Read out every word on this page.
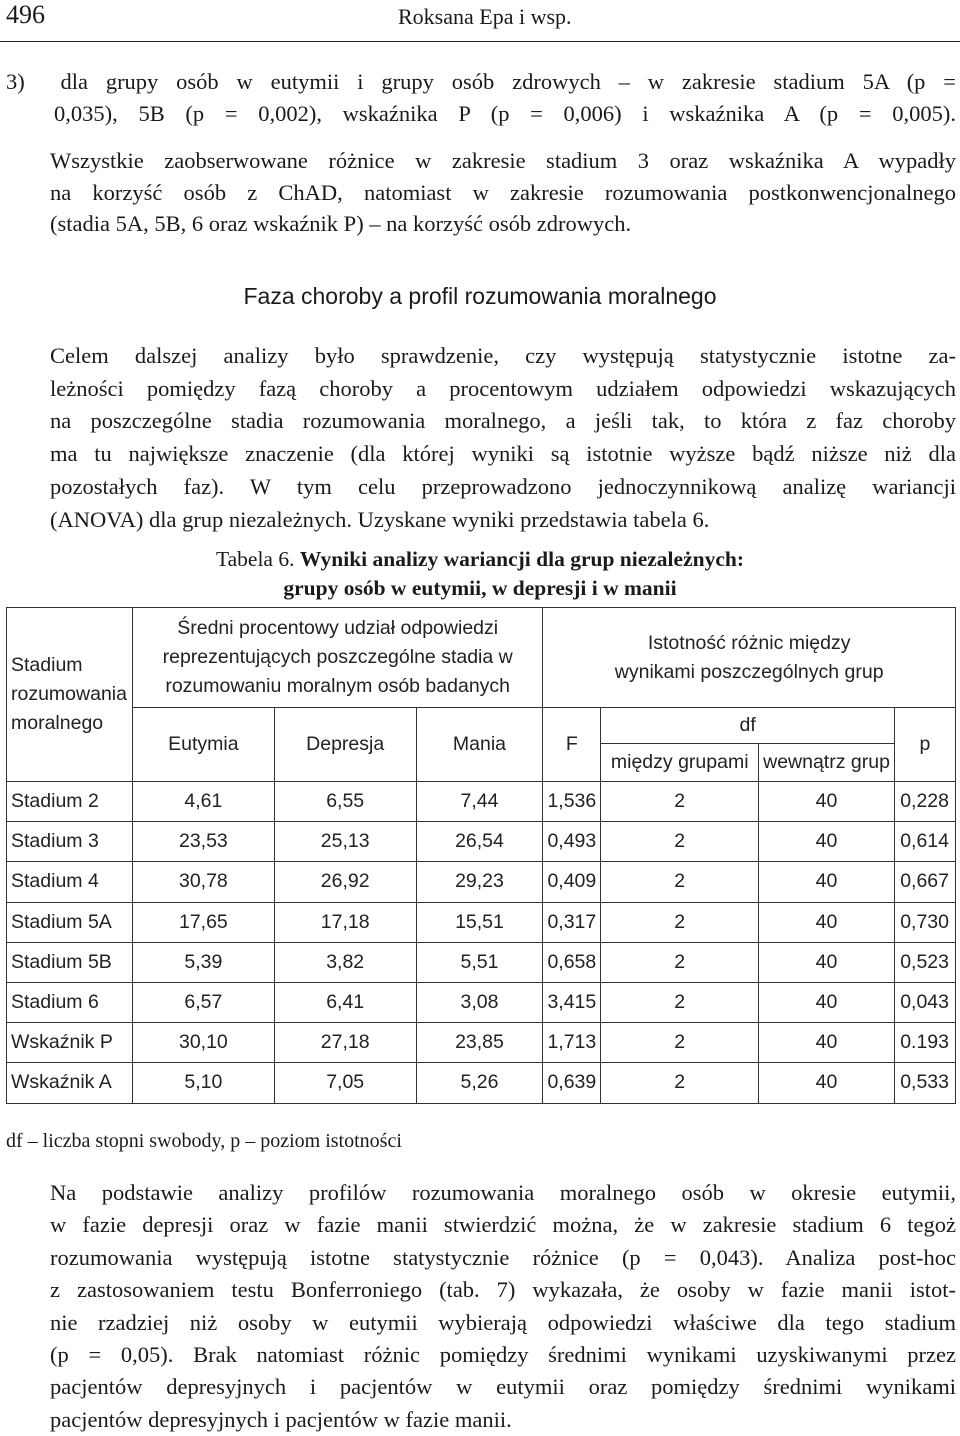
496	Roksana Epa i wsp.
3)  dla grupy osób w eutymii i grupy osób zdrowych – w zakresie stadium 5A (p =
0,035), 5B (p = 0,002), wskaźnika P (p = 0,006) i wskaźnika A (p = 0,005).
Wszystkie zaobserwowane różnice w zakresie stadium 3 oraz wskaźnika A wypadły
na korzyść osób z ChAD, natomiast w zakresie rozumowania postkonwencjonalnego
(stadia 5A, 5B, 6 oraz wskaźnik P) – na korzyść osób zdrowych.
Faza choroby a profil rozumowania moralnego
Celem dalszej analizy było sprawdzenie, czy występują statystycznie istotne za-
leżności pomiędzy fazą choroby a procentowym udziałem odpowiedzi wskazujących
na poszczególne stadia rozumowania moralnego, a jeśli tak, to która z faz choroby
ma tu największe znaczenie (dla której wyniki są istotnie wyższe bądź niższe niż dla
pozostałych faz). W tym celu przeprowadzono jednoczynnikową analizę wariancji
(ANOVA) dla grup niezależnych. Uzyskane wyniki przedstawia tabela 6.
Tabela 6. Wyniki analizy wariancji dla grup niezależnych:
grupy osób w eutymii, w depresji i w manii
Stadium rozumowania moralnego	Średni procentowy udział odpowiedzi reprezentujących poszczególne stadia w rozumowaniu moralnym osób badanych			Istotność różnic między wynikami poszczególnych grup			
	Eutymia	Depresja	Mania	F	df		p
					między grupami	wewnątrz grup	
Stadium 2	4,61	6,55	7,44	1,536	2	40	0,228
Stadium 3	23,53	25,13	26,54	0,493	2	40	0,614
Stadium 4	30,78	26,92	29,23	0,409	2	40	0,667
Stadium 5A	17,65	17,18	15,51	0,317	2	40	0,730
Stadium 5B	5,39	3,82	5,51	0,658	2	40	0,523
Stadium 6	6,57	6,41	3,08	3,415	2	40	0,043
Wskaźnik P	30,10	27,18	23,85	1,713	2	40	0.193
Wskaźnik A	5,10	7,05	5,26	0,639	2	40	0,533
df – liczba stopni swobody, p – poziom istotności
Na podstawie analizy profilów rozumowania moralnego osób w okresie eutymii,
w fazie depresji oraz w fazie manii stwierdzić można, że w zakresie stadium 6 tegoż
rozumowania występują istotne statystycznie różnice (p = 0,043). Analiza post-hoc
z zastosowaniem testu Bonferroniego (tab. 7) wykazała, że osoby w fazie manii istot-
nie rzadziej niż osoby w eutymii wybierają odpowiedzi właściwe dla tego stadium
(p = 0,05). Brak natomiast różnic pomiędzy średnimi wynikami uzyskiwanymi przez
pacjentów depresyjnych i pacjentów w eutymii oraz pomiędzy średnimi wynikami
pacjentów depresyjnych i pacjentów w fazie manii.
